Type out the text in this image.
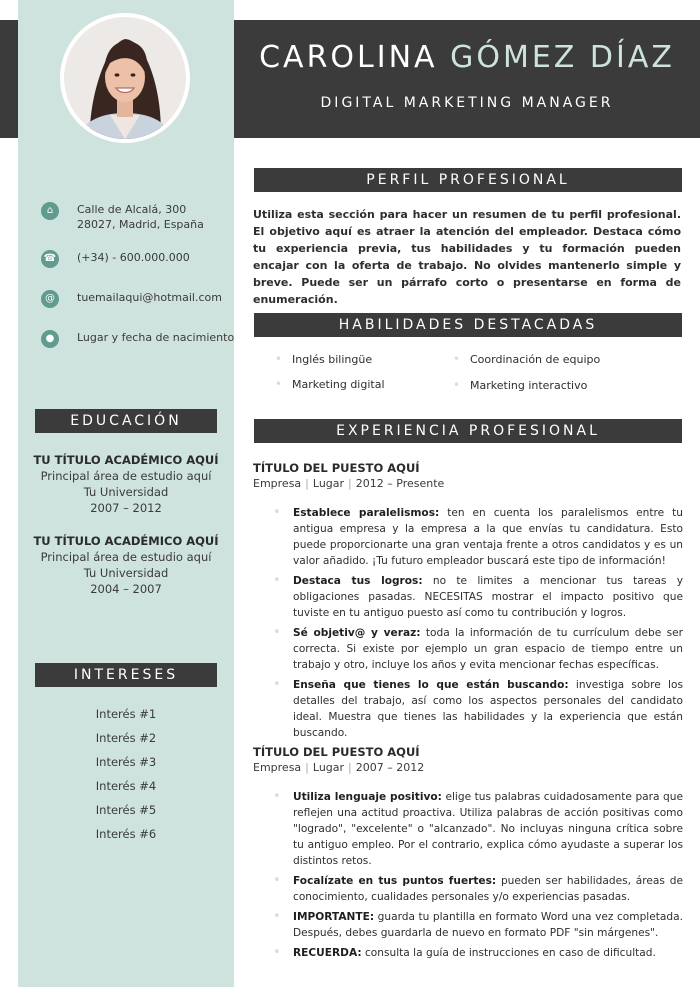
CAROLINA GÓMEZ DÍAZ
DIGITAL MARKETING MANAGER
⌂	Calle de Alcalá, 300
28027, Madrid, España
☎ (+34) - 600.000.000
@	tuemailaqui@hotmail.com
●	Lugar y fecha de nacimiento
EDUCACIÓN
TU TÍTULO ACADÉMICO AQUÍ
Principal área de estudio aquí
Tu Universidad
2007 – 2012
TU TÍTULO ACADÉMICO AQUÍ
Principal área de estudio aquí
Tu Universidad
2004 – 2007
INTERESES
Interés #1
Interés #2
Interés #3
Interés #4
Interés #5
Interés #6
PERFIL PROFESIONAL
Utiliza esta sección para hacer un resumen de tu perfil profesional. El objetivo aquí es atraer la atención del empleador. Destaca cómo tu experiencia previa, tus habilidades y tu formación pueden encajar con la oferta de trabajo. No olvides mantenerlo simple y breve. Puede ser un párrafo corto o presentarse en forma de enumeración.
HABILIDADES DESTACADAS
• Inglés bilingüe	• Coordinación de equipo
• Marketing digital	• Marketing interactivo
EXPERIENCIA PROFESIONAL
TÍTULO DEL PUESTO AQUÍ
Empresa | Lugar | 2012 – Presente
• Establece paralelismos: ten en cuenta los paralelismos entre tu antigua empresa y la empresa a la que envías tu candidatura. Esto puede proporcionarte una gran ventaja frente a otros candidatos y es un valor añadido. ¡Tu futuro empleador buscará este tipo de información!
• Destaca tus logros: no te limites a mencionar tus tareas y obligaciones pasadas. NECESITAS mostrar el impacto positivo que tuviste en tu antiguo puesto así como tu contribución y logros.
• Sé objetiv@ y veraz: toda la información de tu currículum debe ser correcta. Si existe por ejemplo un gran espacio de tiempo entre un trabajo y otro, incluye los años y evita mencionar fechas específicas.
• Enseña que tienes lo que están buscando: investiga sobre los detalles del trabajo, así como los aspectos personales del candidato ideal. Muestra que tienes las habilidades y la experiencia que están buscando.
TÍTULO DEL PUESTO AQUÍ
Empresa | Lugar | 2007 – 2012
• Utiliza lenguaje positivo: elige tus palabras cuidadosamente para que reflejen una actitud proactiva. Utiliza palabras de acción positivas como "logrado", "excelente" o "alcanzado". No incluyas ninguna crítica sobre tu antiguo empleo. Por el contrario, explica cómo ayudaste a superar los distintos retos.
• Focalízate en tus puntos fuertes: pueden ser habilidades, áreas de conocimiento, cualidades personales y/o experiencias pasadas.
• IMPORTANTE: guarda tu plantilla en formato Word una vez completada. Después, debes guardarla de nuevo en formato PDF "sin márgenes".
• RECUERDA: consulta la guía de instrucciones en caso de dificultad.
